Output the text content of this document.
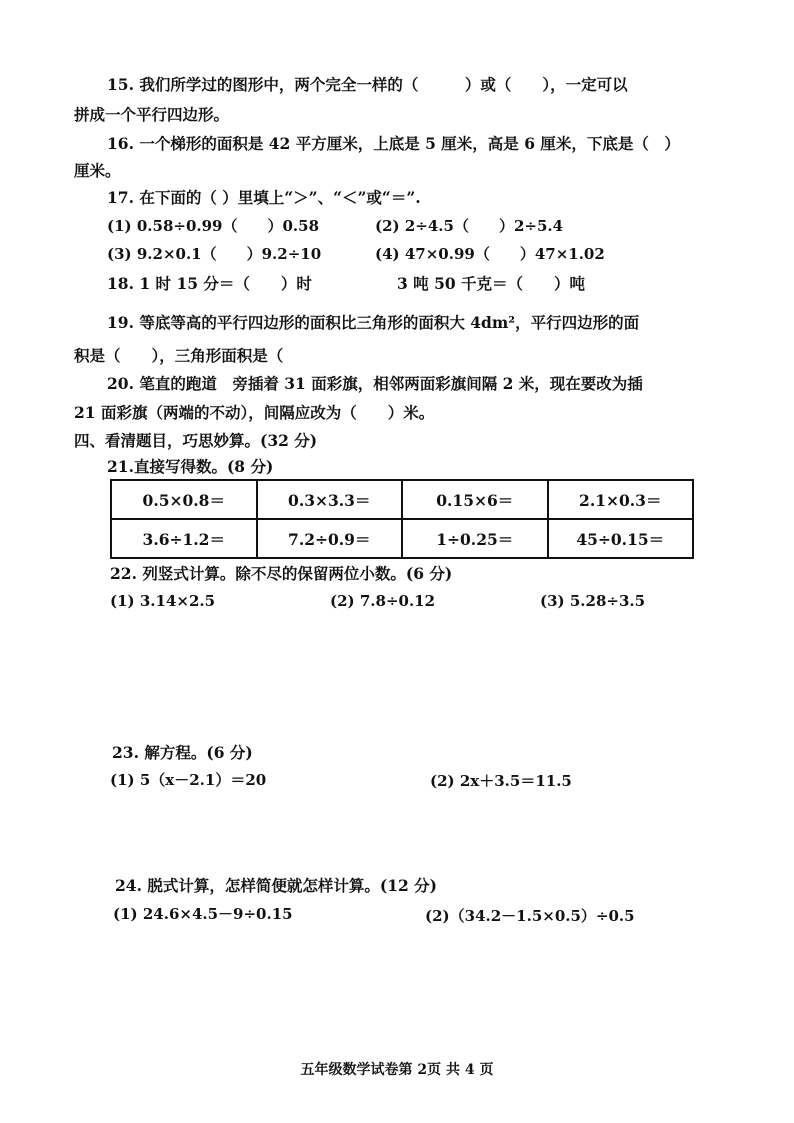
15. 我们所学过的图形中，两个完全一样的（　　　）或（　　），一定可以
拼成一个平行四边形。
16. 一个梯形的面积是 42 平方厘米，上底是 5 厘米，高是 6 厘米，下底是（　）
厘米。
17. 在下面的（ ）里填上“＞”、“＜”或“＝”.
(1) 0.58÷0.99（　　）0.58	(2) 2÷4.5（　　）2÷5.4
(3) 9.2×0.1（　　）9.2÷10	(4) 47×0.99（　　）47×1.02
18. 1 时 15 分＝（　　）时	3 吨 50 千克＝（　　）吨
19. 等底等高的平行四边形的面积比三角形的面积大 4dm²，平行四边形的面
积是（　　），三角形面积是（
20. 笔直的跑道　旁插着 31 面彩旗，相邻两面彩旗间隔 2 米，现在要改为插
21 面彩旗（两端的不动），间隔应改为（　　）米。
四、看清题目，巧思妙算。(32 分)
21.直接写得数。(8 分)
0.5×0.8＝	0.3×3.3＝	0.15×6＝	2.1×0.3＝
3.6÷1.2＝	7.2÷0.9＝	1÷0.25＝	45÷0.15＝
22. 列竖式计算。除不尽的保留两位小数。(6 分)
(1) 3.14×2.5	(2) 7.8÷0.12	(3) 5.28÷3.5
23. 解方程。(6 分)
(1) 5（x－2.1）＝20	(2) 2x＋3.5＝11.5
24. 脱式计算，怎样简便就怎样计算。(12 分)
(1) 24.6×4.5－9÷0.15	(2)（34.2－1.5×0.5）÷0.5
五年级数学试卷第 2页 共 4 页
